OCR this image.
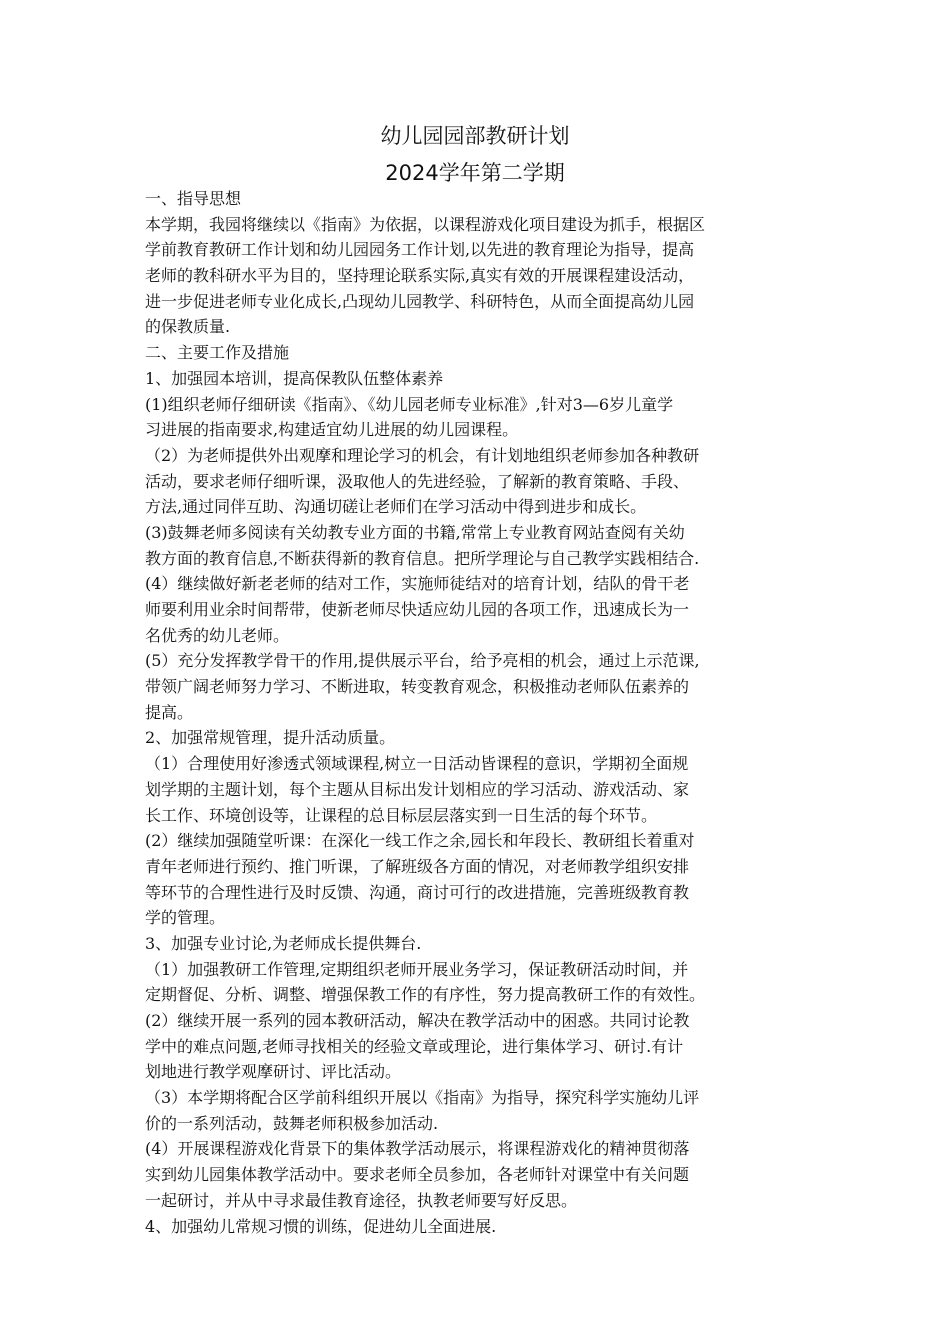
幼儿园园部教研计划
2024学年第二学期
一、指导思想
本学期，我园将继续以《指南》为依据，以课程游戏化项目建设为抓手，根据区
学前教育教研工作计划和幼儿园园务工作计划,以先进的教育理论为指导，提高
老师的教科研水平为目的，坚持理论联系实际,真实有效的开展课程建设活动，
进一步促进老师专业化成长,凸现幼儿园教学、科研特色，从而全面提高幼儿园
的保教质量.
二、主要工作及措施
1、加强园本培训，提高保教队伍整体素养
(1)组织老师仔细研读《指南》、《幼儿园老师专业标准》,针对3—6岁儿童学
习进展的指南要求,构建适宜幼儿进展的幼儿园课程。
（2）为老师提供外出观摩和理论学习的机会，有计划地组织老师参加各种教研
活动，要求老师仔细听课，汲取他人的先进经验，了解新的教育策略、手段、
方法,通过同伴互助、沟通切磋让老师们在学习活动中得到进步和成长。
(3)鼓舞老师多阅读有关幼教专业方面的书籍,常常上专业教育网站查阅有关幼
教方面的教育信息,不断获得新的教育信息。把所学理论与自己教学实践相结合.
(4）继续做好新老老师的结对工作，实施师徒结对的培育计划，结队的骨干老
师要利用业余时间帮带，使新老师尽快适应幼儿园的各项工作，迅速成长为一
名优秀的幼儿老师。
(5）充分发挥教学骨干的作用,提供展示平台，给予亮相的机会，通过上示范课,
带领广阔老师努力学习、不断进取，转变教育观念，积极推动老师队伍素养的
提高。
2、加强常规管理，提升活动质量。
（1）合理使用好渗透式领域课程,树立一日活动皆课程的意识，学期初全面规
划学期的主题计划，每个主题从目标出发计划相应的学习活动、游戏活动、家
长工作、环境创设等，让课程的总目标层层落实到一日生活的每个环节。
(2）继续加强随堂听课：在深化一线工作之余,园长和年段长、教研组长着重对
青年老师进行预约、推门听课，了解班级各方面的情况，对老师教学组织安排
等环节的合理性进行及时反馈、沟通，商讨可行的改进措施，完善班级教育教
学的管理。
3、加强专业讨论,为老师成长提供舞台.
（1）加强教研工作管理,定期组织老师开展业务学习，保证教研活动时间，并
定期督促、分析、调整、增强保教工作的有序性，努力提高教研工作的有效性。
(2）继续开展一系列的园本教研活动，解决在教学活动中的困惑。共同讨论教
学中的难点问题,老师寻找相关的经验文章或理论，进行集体学习、研讨.有计
划地进行教学观摩研讨、评比活动。
（3）本学期将配合区学前科组织开展以《指南》为指导，探究科学实施幼儿评
价的一系列活动，鼓舞老师积极参加活动.
(4）开展课程游戏化背景下的集体教学活动展示，将课程游戏化的精神贯彻落
实到幼儿园集体教学活动中。要求老师全员参加，各老师针对课堂中有关问题
一起研讨，并从中寻求最佳教育途径，执教老师要写好反思。
4、加强幼儿常规习惯的训练，促进幼儿全面进展.
